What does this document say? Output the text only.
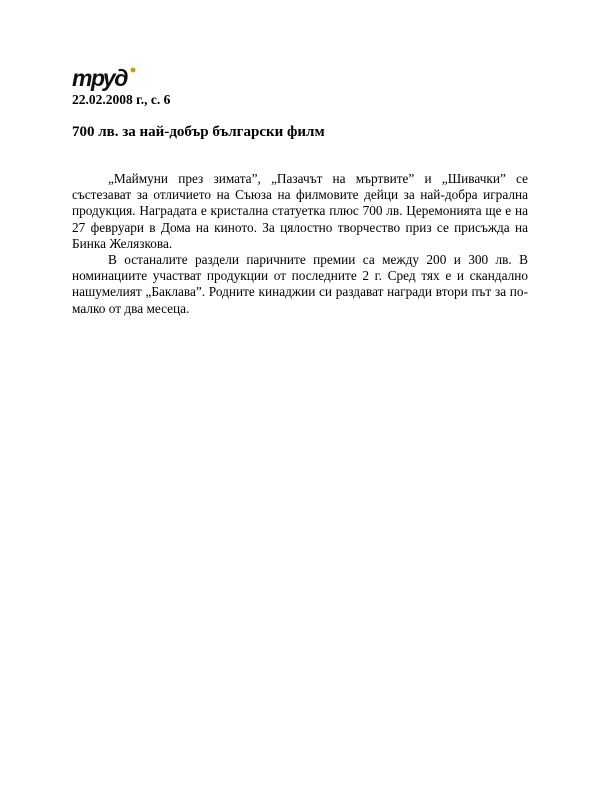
труд
22.02.2008 г., с. 6
700 лв. за най-добър български филм

„Маймуни през зимата”, „Пазачът на мъртвите” и „Шивачки” се състезават за отличието на Съюза на филмовите дейци за най-добра игрална продукция. Наградата е кристална статуетка плюс 700 лв. Церемонията ще е на 27 февруари в Дома на киното. За цялостно творчество приз се присъжда на Бинка Желязкова.

В останалите раздели паричните премии са между 200 и 300 лв. В номинациите участват продукции от последните 2 г. Сред тях е и скандално нашумелият „Баклава”. Родните кинаджии си раздават награди втори път за по-малко от два месеца.
